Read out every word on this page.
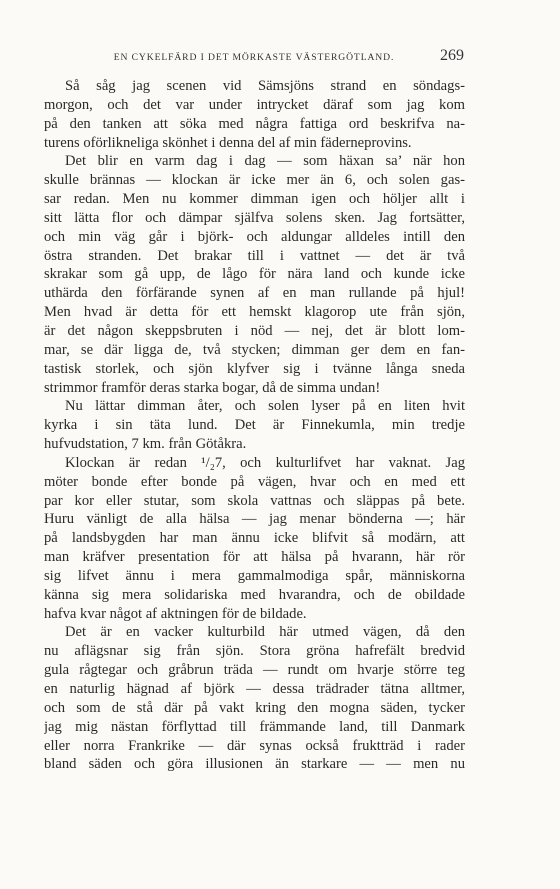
EN CYKELFÄRD I DET MÖRKASTE VÄSTERGÖTLAND.	269
Så såg jag scenen vid Sämsjöns strand en söndags-
morgon, och det var under intrycket däraf som jag kom
på den tanken att söka med några fattiga ord beskrifva na-
turens oförlikneliga skönhet i denna del af min fäderneprovins.
Det blir en varm dag i dag — som häxan sa’ när hon
skulle brännas — klockan är icke mer än 6, och solen gas-
sar redan. Men nu kommer dimman igen och höljer allt i
sitt lätta flor och dämpar själfva solens sken. Jag fortsätter,
och min väg går i björk- och aldungar alldeles intill den
östra stranden. Det brakar till i vattnet — det är två
skrakar som gå upp, de lågo för nära land och kunde icke
uthärda den förfärande synen af en man rullande på hjul!
Men hvad är detta för ett hemskt klagorop ute från sjön,
är det någon skeppsbruten i nöd — nej, det är blott lom-
mar, se där ligga de, två stycken; dimman ger dem en fan-
tastisk storlek, och sjön klyfver sig i tvänne långa sneda
strimmor framför deras starka bogar, då de simma undan!
Nu lättar dimman åter, och solen lyser på en liten hvit
kyrka i sin täta lund. Det är Finnekumla, min tredje
hufvudstation, 7 km. från Götåkra.
Klockan är redan ¹/₂7, och kulturlifvet har vaknat. Jag
möter bonde efter bonde på vägen, hvar och en med ett
par kor eller stutar, som skola vattnas och släppas på bete.
Huru vänligt de alla hälsa — jag menar bönderna —; här
på landsbygden har man ännu icke blifvit så modärn, att
man kräfver presentation för att hälsa på hvarann, här rör
sig lifvet ännu i mera gammalmodiga spår, människorna
känna sig mera solidariska med hvarandra, och de obildade
hafva kvar något af aktningen för de bildade.
Det är en vacker kulturbild här utmed vägen, då den
nu aflägsnar sig från sjön. Stora gröna hafrefält bredvid
gula rågtegar och gråbrun träda — rundt om hvarje större teg
en naturlig hägnad af björk — dessa trädrader tätna alltmer,
och som de stå där på vakt kring den mogna säden, tycker
jag mig nästan förflyttad till främmande land, till Danmark
eller norra Frankrike — där synas också fruktträd i rader
bland säden och göra illusionen än starkare — — men nu
